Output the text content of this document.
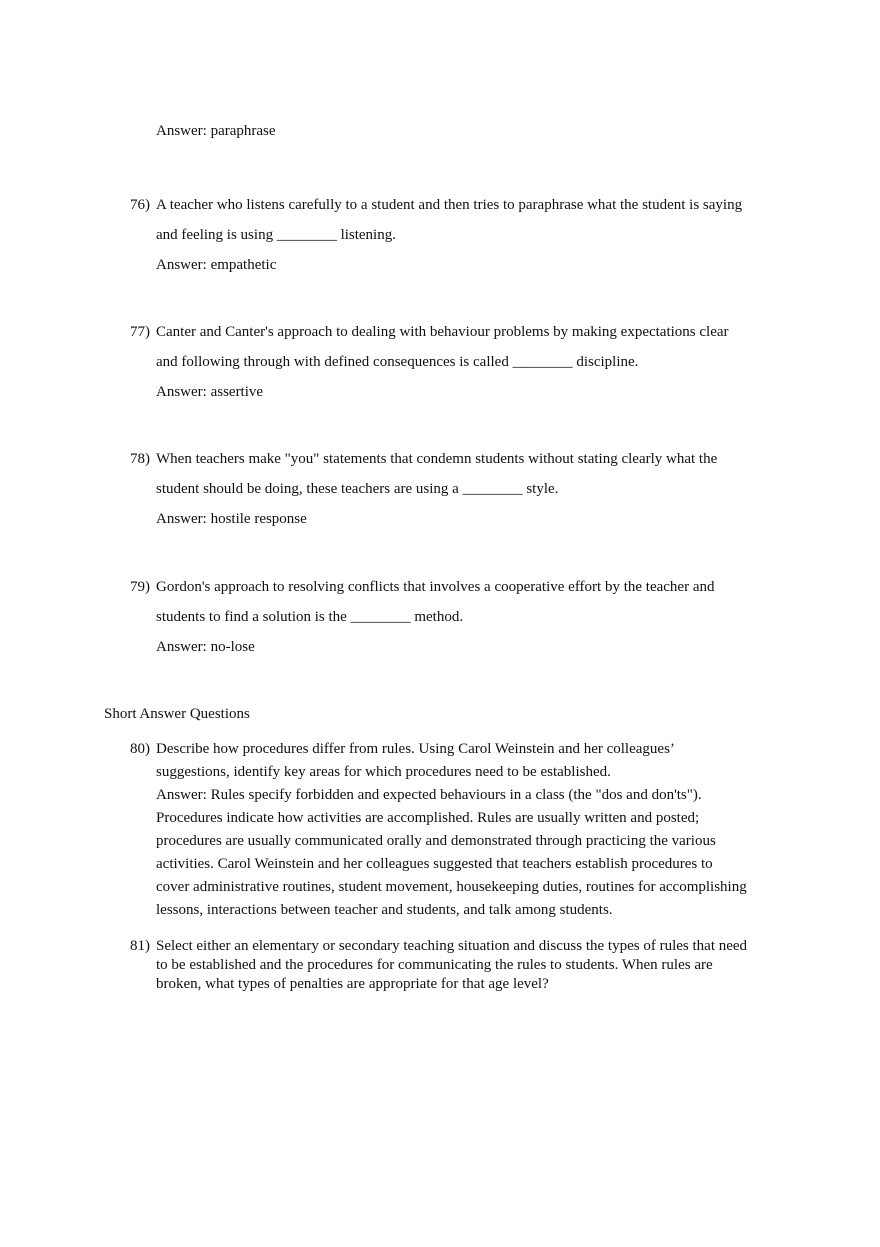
Answer: paraphrase
76) A teacher who listens carefully to a student and then tries to paraphrase what the student is saying
and feeling is using ________ listening.
Answer: empathetic
77) Canter and Canter's approach to dealing with behaviour problems by making expectations clear
and following through with defined consequences is called ________ discipline.
Answer: assertive
78) When teachers make "you" statements that condemn students without stating clearly what the
student should be doing, these teachers are using a ________ style.
Answer: hostile response
79) Gordon's approach to resolving conflicts that involves a cooperative effort by the teacher and
students to find a solution is the ________ method.
Answer: no-lose
Short Answer Questions
80) Describe how procedures differ from rules. Using Carol Weinstein and her colleagues’
suggestions, identify key areas for which procedures need to be established.
Answer: Rules specify forbidden and expected behaviours in a class (the "dos and don'ts").
Procedures indicate how activities are accomplished. Rules are usually written and posted;
procedures are usually communicated orally and demonstrated through practicing the various
activities. Carol Weinstein and her colleagues suggested that teachers establish procedures to
cover administrative routines, student movement, housekeeping duties, routines for accomplishing
lessons, interactions between teacher and students, and talk among students.
81) Select either an elementary or secondary teaching situation and discuss the types of rules that need
to be established and the procedures for communicating the rules to students. When rules are
broken, what types of penalties are appropriate for that age level?
